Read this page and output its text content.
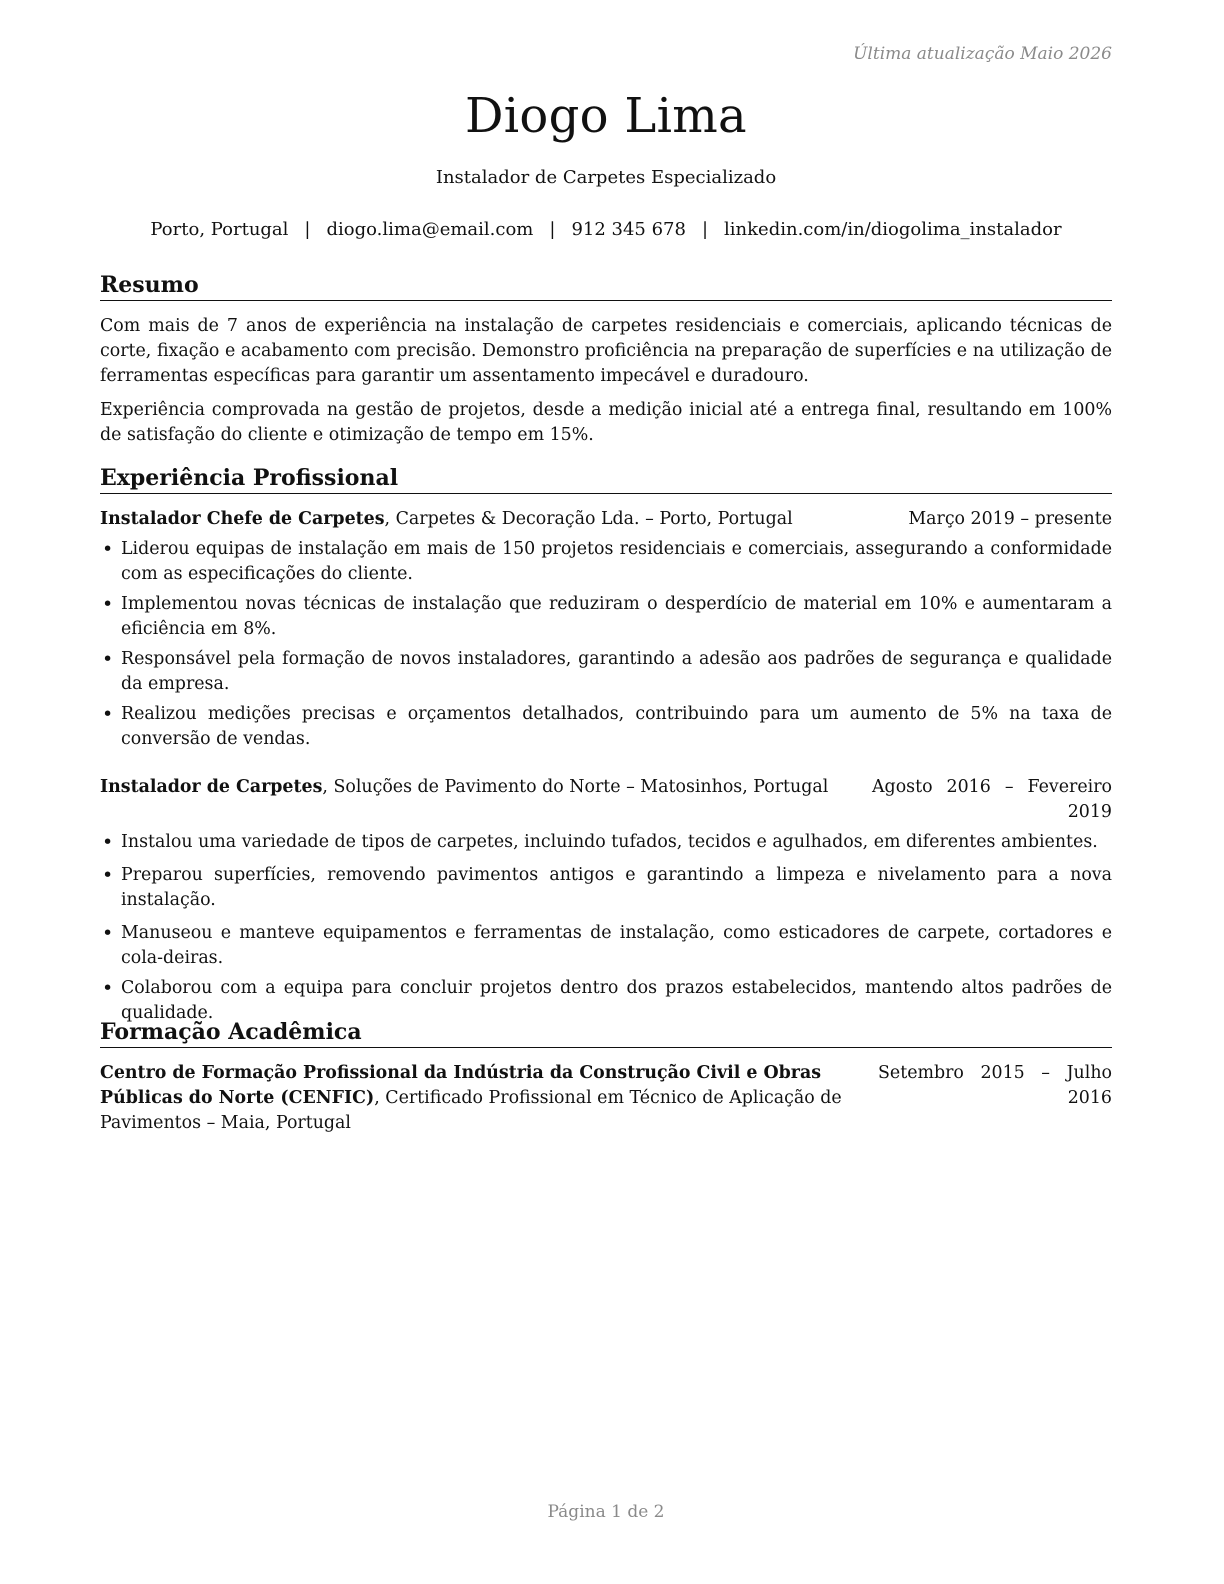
Última atualização Maio 2026
Diogo Lima
Instalador de Carpetes Especializado
Porto, Portugal | diogo.lima@email.com | 912 345 678 | linkedin.com/in/diogolima_instalador
Resumo

Com mais de 7 anos de experiência na instalação de carpetes residenciais e comerciais, aplicando técnicas de corte, fixação e acabamento com precisão. Demonstro proficiência na preparação de superfícies e na utilização de ferramentas específicas para garantir um assentamento impecável e duradouro.

Experiência comprovada na gestão de projetos, desde a medição inicial até a entrega final, resultando em 100% de satisfação do cliente e otimização de tempo em 15%.

Experiência Profissional
Instalador Chefe de Carpetes, Carpetes & Decoração Lda. – Porto, Portugal	Março 2019 – presente
• Liderou equipas de instalação em mais de 150 projetos residenciais e comerciais, assegurando a conformidade com as especificações do cliente.
• Implementou novas técnicas de instalação que reduziram o desperdício de material em 10% e aumentaram a eficiência em 8%.
• Responsável pela formação de novos instaladores, garantindo a adesão aos padrões de segurança e qualidade da empresa.
• Realizou medições precisas e orçamentos detalhados, contribuindo para um aumento de 5% na taxa de conversão de vendas.
Instalador de Carpetes, Soluções de Pavimento do Norte – Matosinhos, Portugal	Agosto 2016 – Fevereiro 2019
• Instalou uma variedade de tipos de carpetes, incluindo tufados, tecidos e agulhados, em diferentes ambientes.
• Preparou superfícies, removendo pavimentos antigos e garantindo a limpeza e nivelamento para a nova instalação.
• Manuseou e manteve equipamentos e ferramentas de instalação, como esticadores de carpete, cortadores e cola-deiras.
• Colaborou com a equipa para concluir projetos dentro dos prazos estabelecidos, mantendo altos padrões de qualidade.
Formação Acadêmica
Centro de Formação Profissional da Indústria da Construção Civil e Obras Públicas do Norte (CENFIC), Certificado Profissional em Técnico de Aplicação de Pavimentos – Maia, Portugal
Setembro 2015 – Julho 2016
Página 1 de 2
